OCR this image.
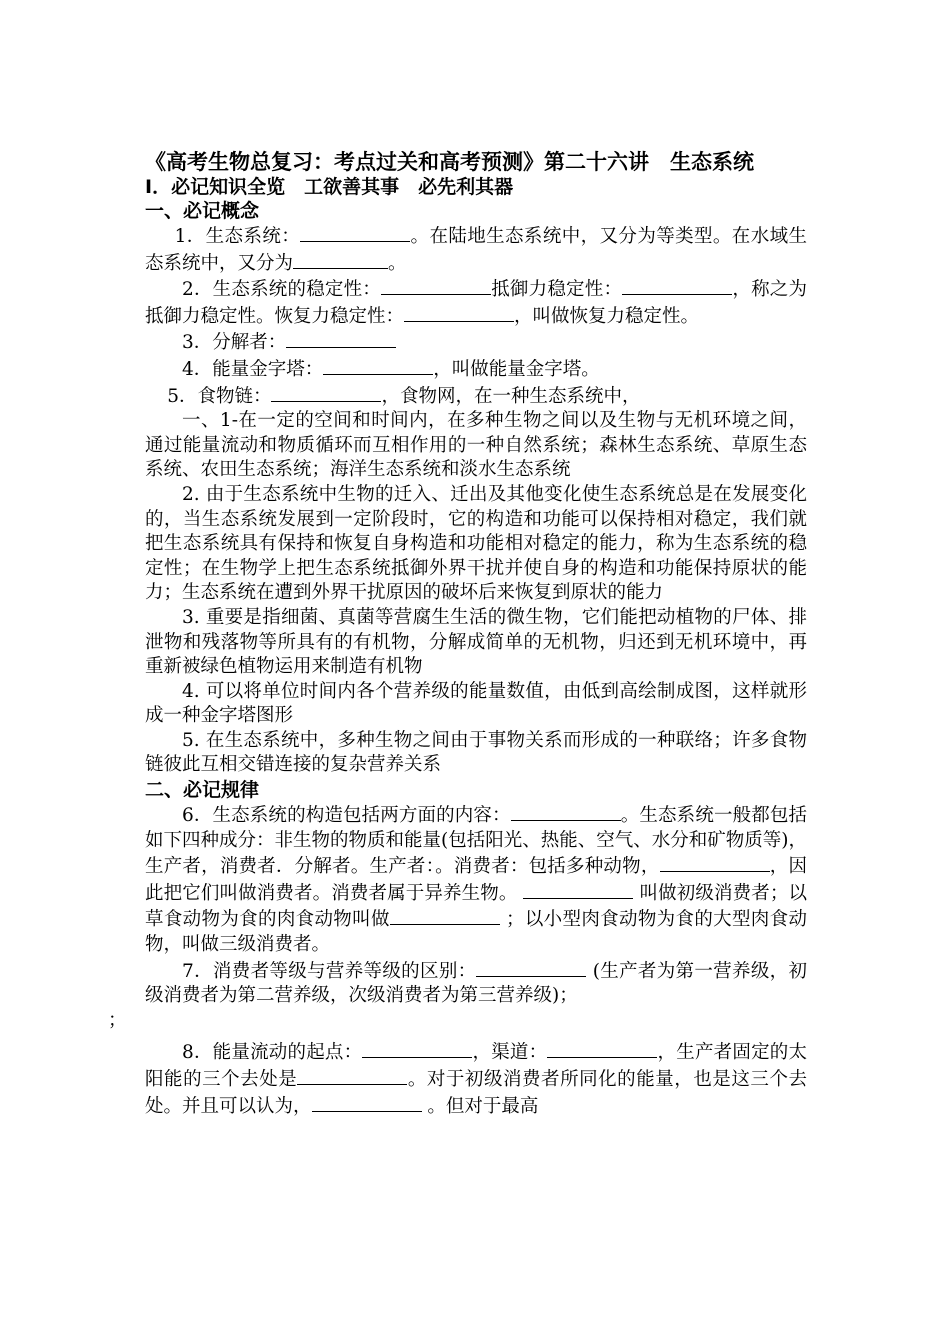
《高考生物总复习：考点过关和高考预测》第二十六讲　生态系统

I．必记知识全览　工欲善其事　必先利其器

一、必记概念

1．生态系统：	。在陆地生态系统中，又分为等类型。在水域生态系统中，又分为	。

2．生态系统的稳定性：	抵御力稳定性：	，称之为抵御力稳定性。恢复力稳定性：	，叫做恢复力稳定性。

3．分解者：

4．能量金字塔：	，叫做能量金字塔。

5．食物链：	，食物网，在一种生态系统中，

一、1-在一定的空间和时间内，在多种生物之间以及生物与无机环境之间，通过能量流动和物质循环而互相作用的一种自然系统；森林生态系统、草原生态系统、农田生态系统；海洋生态系统和淡水生态系统

2. 由于生态系统中生物的迁入、迁出及其他变化使生态系统总是在发展变化的，当生态系统发展到一定阶段时，它的构造和功能可以保持相对稳定，我们就把生态系统具有保持和恢复自身构造和功能相对稳定的能力，称为生态系统的稳定性；在生物学上把生态系统抵御外界干扰并使自身的构造和功能保持原状的能力；生态系统在遭到外界干扰原因的破坏后来恢复到原状的能力

3. 重要是指细菌、真菌等营腐生生活的微生物，它们能把动植物的尸体、排泄物和残落物等所具有的有机物，分解成简单的无机物，归还到无机环境中，再重新被绿色植物运用来制造有机物

4. 可以将单位时间内各个营养级的能量数值，由低到高绘制成图，这样就形成一种金字塔图形

5. 在生态系统中，多种生物之间由于事物关系而形成的一种联络；许多食物链彼此互相交错连接的复杂营养关系

二、必记规律

6．生态系统的构造包括两方面的内容：	。生态系统一般都包括如下四种成分：非生物的物质和能量(包括阳光、热能、空气、水分和矿物质等)，生产者，消费者．分解者。生产者：。消费者：包括多种动物，	，因此把它们叫做消费者。消费者属于异养生物。	叫做初级消费者；以草食动物为食的肉食动物叫做	；以小型肉食动物为食的大型肉食动物，叫做三级消费者。

7．消费者等级与营养等级的区别：	(生产者为第一营养级，初级消费者为第二营养级，次级消费者为第三营养级)；
；

8．能量流动的起点：	，渠道：	，生产者固定的太阳能的三个去处是	。对于初级消费者所同化的能量，也是这三个去处。并且可以认为，	。但对于最高
